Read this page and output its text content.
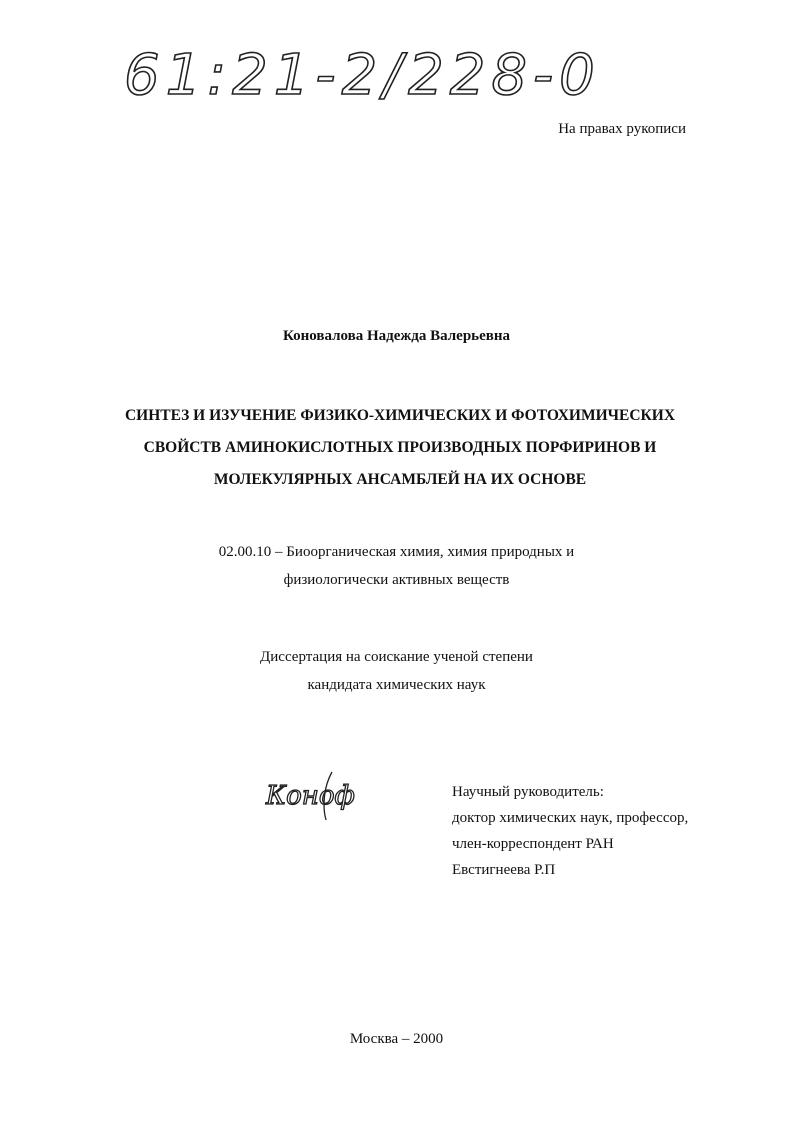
61:21-2/228-0
На правах рукописи
Коновалова Надежда Валерьевна
СИНТЕЗ И ИЗУЧЕНИЕ ФИЗИКО-ХИМИЧЕСКИХ И ФОТОХИМИЧЕСКИХ
СВОЙСТВ АМИНОКИСЛОТНЫХ ПРОИЗВОДНЫХ ПОРФИРИНОВ И
МОЛЕКУЛЯРНЫХ АНСАМБЛЕЙ НА ИХ ОСНОВЕ
02.00.10 – Биоорганическая химия, химия природных и
физиологически активных веществ
Диссертация на соискание ученой степени
кандидата химических наук
Коноф	Научный руководитель:
доктор химических наук, профессор,
член-корреспондент РАН
Евстигнеева Р.П
Москва – 2000
